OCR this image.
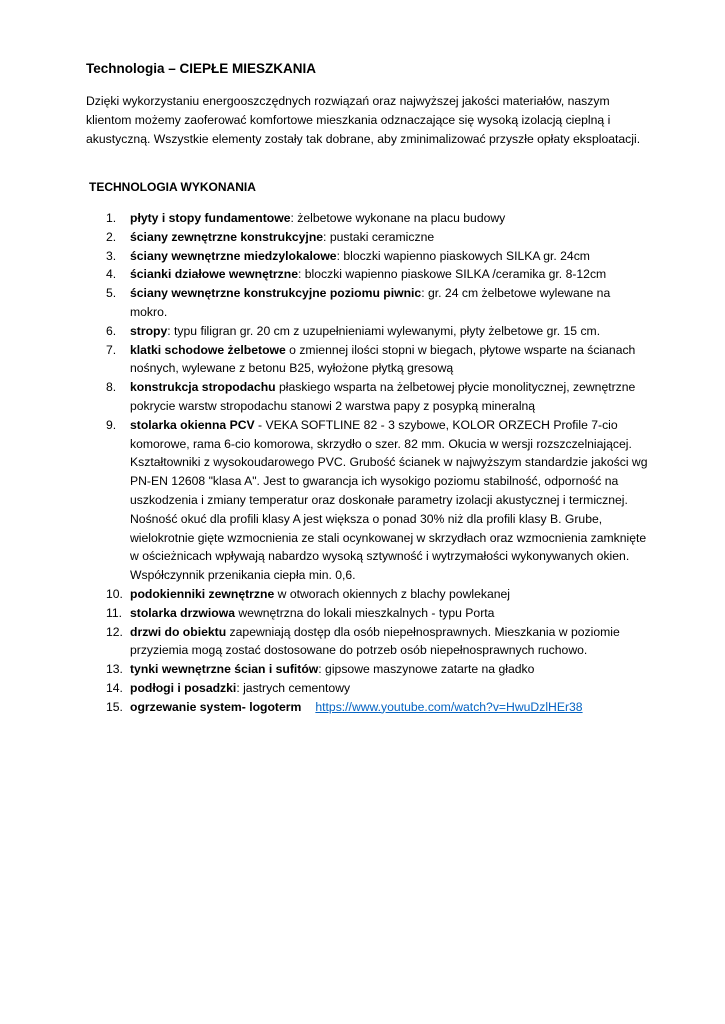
Technologia – CIEPŁE MIESZKANIA

Dzięki wykorzystaniu energooszczędnych rozwiązań oraz najwyższej jakości materiałów, naszym klientom możemy zaoferować komfortowe mieszkania odznaczające się wysoką izolacją cieplną i akustyczną. Wszystkie elementy zostały tak dobrane, aby zminimalizować przyszłe opłaty eksploatacji.

TECHNOLOGIA WYKONANIA
1.	płyty i stopy fundamentowe: żelbetowe wykonane na placu budowy
2.	ściany zewnętrzne konstrukcyjne: pustaki ceramiczne
3.	ściany wewnętrzne miedzylokalowe: bloczki wapienno piaskowych SILKA gr. 24cm
4.	ścianki działowe wewnętrzne: bloczki wapienno piaskowe SILKA /ceramika gr. 8-12cm
5.	ściany wewnętrzne konstrukcyjne poziomu piwnic: gr. 24 cm żelbetowe wylewane na mokro.
6.	stropy: typu filigran gr. 20 cm z uzupełnieniami wylewanymi, płyty żelbetowe gr. 15 cm.
7.	klatki schodowe żelbetowe o zmiennej ilości stopni w biegach, płytowe wsparte na ścianach nośnych, wylewane z betonu B25, wyłożone płytką gresową
8.	konstrukcja stropodachu płaskiego wsparta na żelbetowej płycie monolitycznej, zewnętrzne pokrycie warstw stropodachu stanowi 2 warstwa papy z posypką mineralną
9.	stolarka okienna PCV - VEKA SOFTLINE 82 - 3 szybowe, KOLOR ORZECH Profile 7-cio komorowe, rama 6-cio komorowa, skrzydło o szer. 82 mm. Okucia w wersji rozszczelniającej. Kształtowniki z wysokoudarowego PVC. Grubość ścianek w najwyższym standardzie jakości wg PN-EN 12608 "klasa A". Jest to gwarancja ich wysokigo poziomu stabilność, odporność na uszkodzenia i zmiany temperatur oraz doskonałe parametry izolacji akustycznej i termicznej. Nośność okuć dla profili klasy A jest większa o ponad 30% niż dla profili klasy B. Grube, wielokrotnie gięte wzmocnienia ze stali ocynkowanej w skrzydłach oraz wzmocnienia zamknięte w ościeżnicach wpływają nabardzo wysoką sztywność i wytrzymałości wykonywanych okien. Współczynnik przenikania ciepła min. 0,6.
10. podokienniki zewnętrzne w otworach okiennych z blachy powlekanej
11. stolarka drzwiowa wewnętrzna do lokali mieszkalnych - typu Porta
12. drzwi do obiektu zapewniają dostęp dla osób niepełnosprawnych. Mieszkania w poziomie przyziemia mogą zostać dostosowane do potrzeb osób niepełnosprawnych ruchowo.
13. tynki wewnętrzne ścian i sufitów: gipsowe maszynowe zatarte na gładko
14. podłogi i posadzki: jastrych cementowy
15. ogrzewanie system- logoterm https://www.youtube.com/watch?v=HwuDzlHEr38
